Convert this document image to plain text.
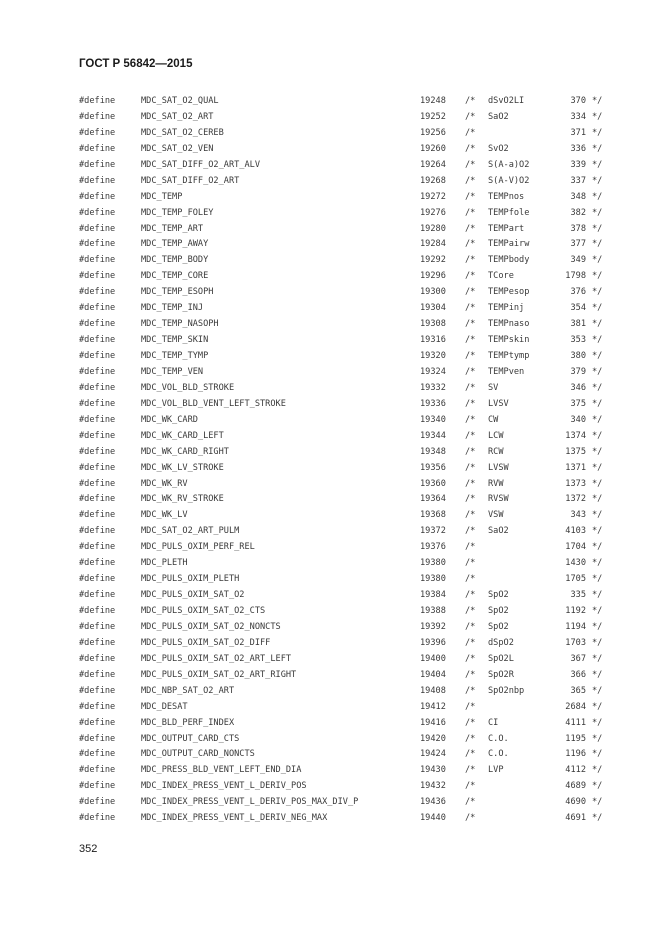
ГОСТ Р 56842—2015
#define	MDC_SAT_O2_QUAL	19248 /* dSvO2LI	370 */
#define	MDC_SAT_O2_ART	19252 /* SaO2	334 */
#define	MDC_SAT_O2_CEREB	19256 /*	371 */
#define	MDC_SAT_O2_VEN	19260 /* SvO2	336 */
#define	MDC_SAT_DIFF_O2_ART_ALV	19264 /* S(A-a)O2	339 */
#define	MDC_SAT_DIFF_O2_ART	19268 /* S(A-V)O2	337 */
#define	MDC_TEMP	19272 /* TEMPnos	348 */
#define	MDC_TEMP_FOLEY	19276 /* TEMPfole	382 */
#define	MDC_TEMP_ART	19280 /* TEMPart	378 */
#define	MDC_TEMP_AWAY	19284 /* TEMPairw	377 */
#define	MDC_TEMP_BODY	19292 /* TEMPbody	349 */
#define	MDC_TEMP_CORE	19296 /* TCore	1798 */
#define	MDC_TEMP_ESOPH	19300 /* TEMPesop	376 */
#define	MDC_TEMP_INJ	19304 /* TEMPinj	354 */
#define	MDC_TEMP_NASOPH	19308 /* TEMPnaso	381 */
#define	MDC_TEMP_SKIN	19316 /* TEMPskin	353 */
#define	MDC_TEMP_TYMP	19320 /* TEMPtymp	380 */
#define	MDC_TEMP_VEN	19324 /* TEMPven	379 */
#define	MDC_VOL_BLD_STROKE	19332 /* SV	346 */
#define	MDC_VOL_BLD_VENT_LEFT_STROKE	19336 /* LVSV	375 */
#define	MDC_WK_CARD	19340 /* CW	340 */
#define	MDC_WK_CARD_LEFT	19344 /* LCW	1374 */
#define	MDC_WK_CARD_RIGHT	19348 /* RCW	1375 */
#define	MDC_WK_LV_STROKE	19356 /* LVSW	1371 */
#define	MDC_WK_RV	19360 /* RVW	1373 */
#define	MDC_WK_RV_STROKE	19364 /* RVSW	1372 */
#define	MDC_WK_LV	19368 /* VSW	343 */
#define	MDC_SAT_O2_ART_PULM	19372 /* SaO2	4103 */
#define	MDC_PULS_OXIM_PERF_REL	19376 /*	1704 */
#define	MDC_PLETH	19380 /*	1430 */
#define	MDC_PULS_OXIM_PLETH	19380 /*	1705 */
#define	MDC_PULS_OXIM_SAT_O2	19384 /* SpO2	335 */
#define	MDC_PULS_OXIM_SAT_O2_CTS	19388 /* SpO2	1192 */
#define	MDC_PULS_OXIM_SAT_O2_NONCTS	19392 /* SpO2	1194 */
#define	MDC_PULS_OXIM_SAT_O2_DIFF	19396 /* dSpO2	1703 */
#define	MDC_PULS_OXIM_SAT_O2_ART_LEFT	19400 /* SpO2L	367 */
#define	MDC_PULS_OXIM_SAT_O2_ART_RIGHT	19404 /* SpO2R	366 */
#define	MDC_NBP_SAT_O2_ART	19408 /* SpO2nbp	365 */
#define	MDC_DESAT	19412 /*	2684 */
#define	MDC_BLD_PERF_INDEX	19416 /* CI	4111 */
#define	MDC_OUTPUT_CARD_CTS	19420 /* C.O.	1195 */
#define	MDC_OUTPUT_CARD_NONCTS	19424 /* C.O.	1196 */
#define	MDC_PRESS_BLD_VENT_LEFT_END_DIA	19430 /* LVP	4112 */
#define	MDC_INDEX_PRESS_VENT_L_DERIV_POS	19432 /*	4689 */
#define	MDC_INDEX_PRESS_VENT_L_DERIV_POS_MAX_DIV_P	19436 /*	4690 */
#define	MDC_INDEX_PRESS_VENT_L_DERIV_NEG_MAX	19440 /*	4691 */
352
